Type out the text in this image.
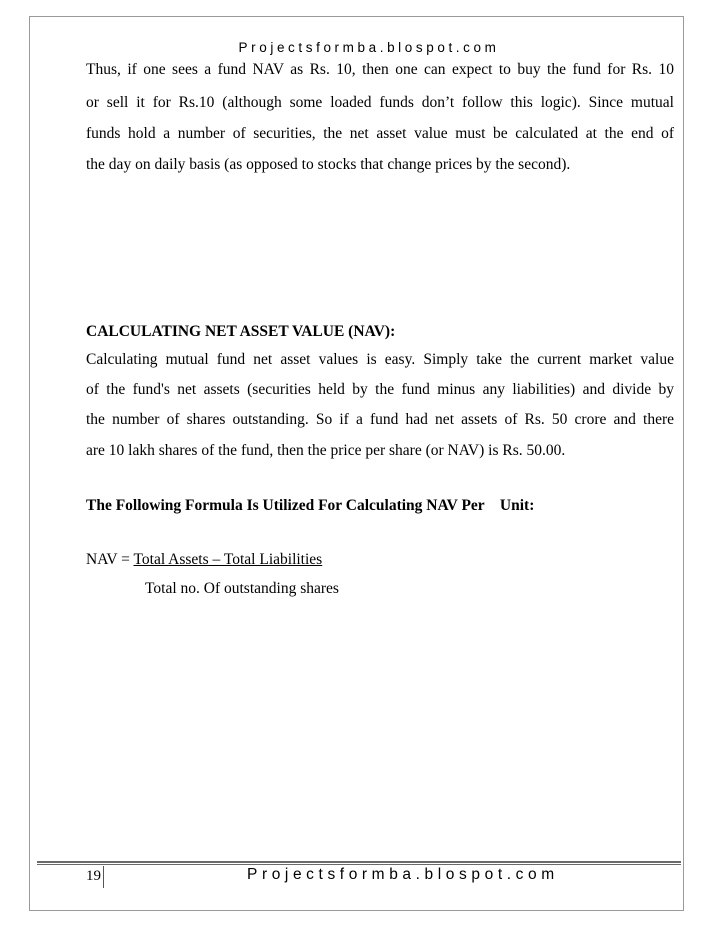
Projectsformba.blospot.com
Thus, if one sees a fund NAV as Rs. 10, then one can expect to buy the fund for Rs. 10
or sell it for Rs.10 (although some loaded funds don’t follow this logic). Since mutual
funds hold a number of securities, the net asset value must be calculated at the end of
the day on daily basis (as opposed to stocks that change prices by the second).
CALCULATING NET ASSET VALUE (NAV):
Calculating mutual fund net asset values is easy. Simply take the current market value
of the fund's net assets (securities held by the fund minus any liabilities) and divide by
the number of shares outstanding. So if a fund had net assets of Rs. 50 crore and there
are 10 lakh shares of the fund, then the price per share (or NAV) is Rs. 50.00.
The Following Formula Is Utilized For Calculating NAV Per    Unit:
NAV = Total Assets – Total Liabilities
Total no. Of outstanding shares
19	Projectsformba.blospot.com
